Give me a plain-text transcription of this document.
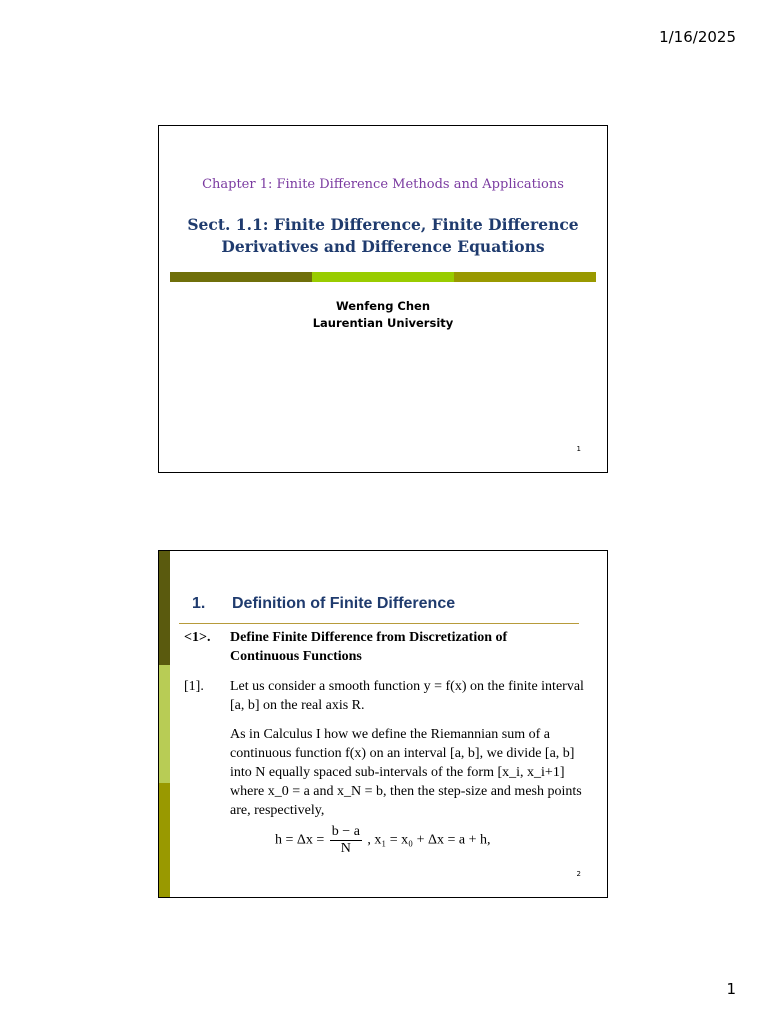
1/16/2025
Chapter 1: Finite Difference Methods and Applications
Sect. 1.1: Finite Difference, Finite Difference
Derivatives and Difference Equations
Wenfeng Chen
Laurentian University
1
1. Definition of Finite Difference
<1>.	Define Finite Difference from Discretization of
Continuous Functions
[1].	Let us consider a smooth function y = f(x) on the finite interval [a, b] on the real axis R.
As in Calculus I how we define the Riemannian sum of a continuous function f(x) on an interval [a, b], we divide [a, b] into N equally spaced sub-intervals of the form [x_i, x_i+1] where x_0 = a and x_N = b, then the step-size and mesh points are, respectively,
$h = \Delta x = \frac{b - a}{N}$ , x₁ = x₀ + Δx = a + h,
2
1
